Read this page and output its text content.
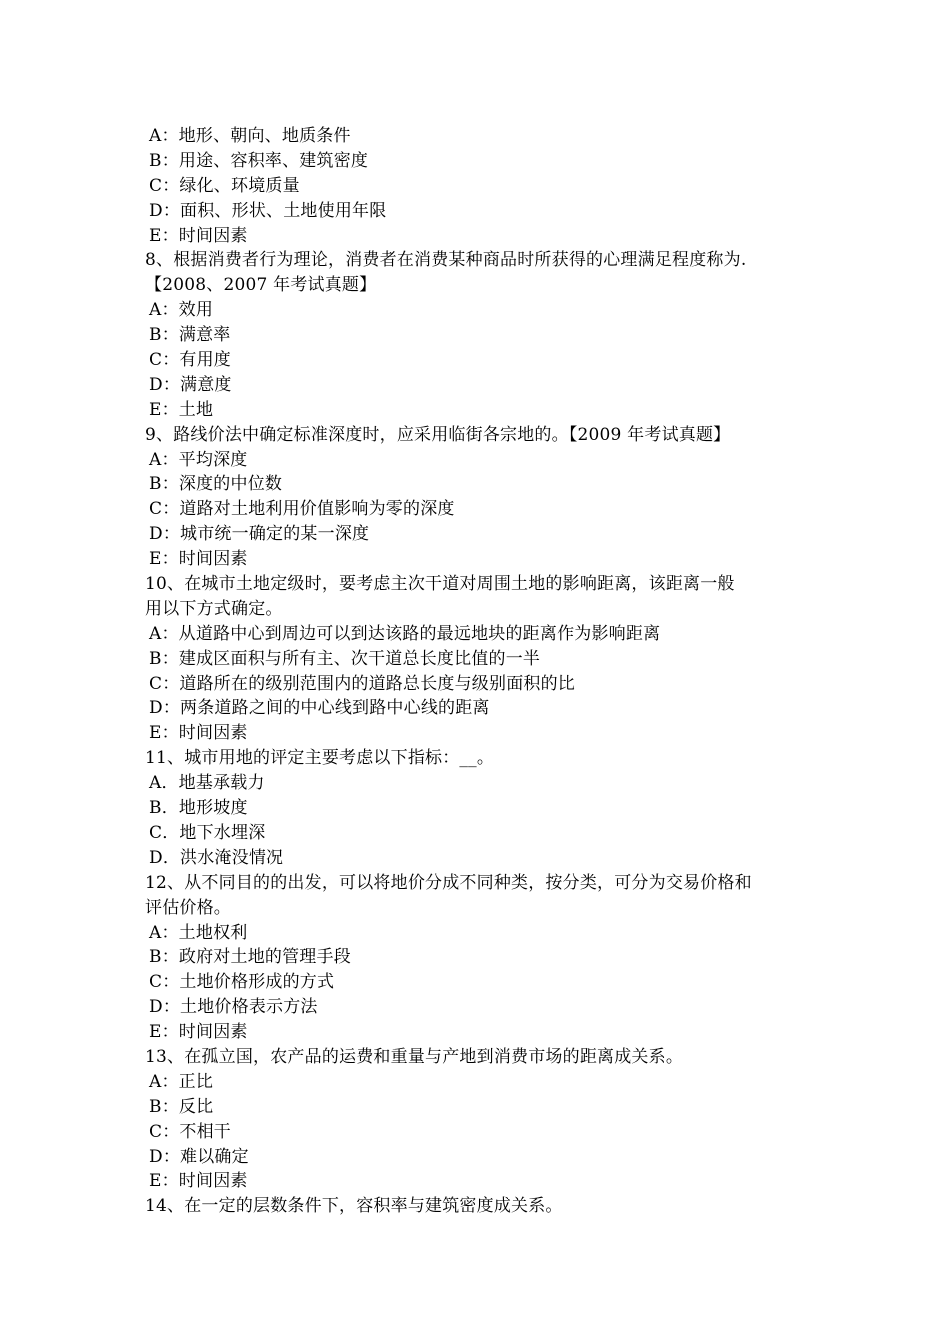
A：地形、朝向、地质条件
B：用途、容积率、建筑密度
C：绿化、环境质量
D：面积、形状、土地使用年限
E：时间因素
8、根据消费者行为理论，消费者在消费某种商品时所获得的心理满足程度称为.
【2008、2007 年考试真题】
A：效用
B：满意率
C：有用度
D：满意度
E：土地
9、路线价法中确定标准深度时，应采用临街各宗地的。【2009 年考试真题】
A：平均深度
B：深度的中位数
C：道路对土地利用价值影响为零的深度
D：城市统一确定的某一深度
E：时间因素
10、在城市土地定级时，要考虑主次干道对周围土地的影响距离，该距离一般
用以下方式确定。
A：从道路中心到周边可以到达该路的最远地块的距离作为影响距离
B：建成区面积与所有主、次干道总长度比值的一半
C：道路所在的级别范围内的道路总长度与级别面积的比
D：两条道路之间的中心线到路中心线的距离
E：时间因素
11、城市用地的评定主要考虑以下指标：__。
A．地基承载力
B．地形坡度
C．地下水埋深
D．洪水淹没情况
12、从不同目的的出发，可以将地价分成不同种类，按分类，可分为交易价格和
评估价格。
A：土地权利
B：政府对土地的管理手段
C：土地价格形成的方式
D：土地价格表示方法
E：时间因素
13、在孤立国，农产品的运费和重量与产地到消费市场的距离成关系。
A：正比
B：反比
C：不相干
D：难以确定
E：时间因素
14、在一定的层数条件下，容积率与建筑密度成关系。
